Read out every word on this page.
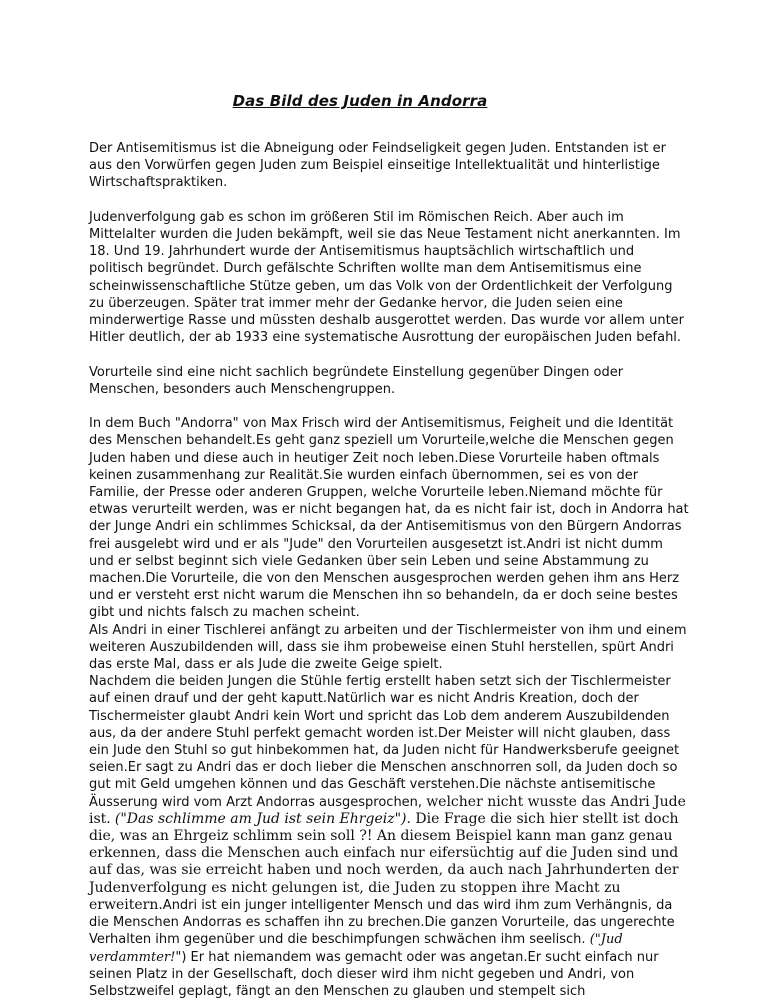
Das Bild des Juden in Andorra

Der Antisemitismus ist die Abneigung oder Feindseligkeit gegen Juden. Entstanden ist er aus den Vorwürfen gegen Juden zum Beispiel einseitige Intellektualität und hinterlistige Wirtschaftspraktiken.

Judenverfolgung gab es schon im größeren Stil im Römischen Reich. Aber auch im Mittelalter wurden die Juden bekämpft, weil sie das Neue Testament nicht anerkannten. Im 18. Und 19. Jahrhundert wurde der Antisemitismus hauptsächlich wirtschaftlich und politisch begründet. Durch gefälschte Schriften wollte man dem Antisemitismus eine scheinwissenschaftliche Stütze geben, um das Volk von der Ordentlichkeit der Verfolgung zu überzeugen. Später trat immer mehr der Gedanke hervor, die Juden seien eine minderwertige Rasse und müssten deshalb ausgerottet werden. Das wurde vor allem unter Hitler deutlich, der ab 1933 eine systematische Ausrottung der europäischen Juden befahl.

Vorurteile sind eine nicht sachlich begründete Einstellung gegenüber Dingen oder Menschen, besonders auch Menschengruppen.

In dem Buch "Andorra" von Max Frisch wird der Antisemitismus, Feigheit und die Identität des Menschen behandelt.Es geht ganz speziell um Vorurteile,welche die Menschen gegen Juden haben und diese auch in heutiger Zeit noch leben.Diese Vorurteile haben oftmals keinen zusammenhang zur Realität.Sie wurden einfach übernommen, sei es von der Familie, der Presse oder anderen Gruppen, welche Vorurteile leben.Niemand möchte für etwas verurteilt werden, was er nicht begangen hat, da es nicht fair ist, doch in Andorra hat der Junge Andri ein schlimmes Schicksal, da der Antisemitismus von den Bürgern Andorras frei ausgelebt wird und er als "Jude" den Vorurteilen ausgesetzt ist.Andri ist nicht dumm und er selbst beginnt sich viele Gedanken über sein Leben und seine Abstammung zu machen.Die Vorurteile, die von den Menschen ausgesprochen werden gehen ihm ans Herz und er versteht erst nicht warum die Menschen ihn so behandeln, da er doch seine bestes gibt und nichts falsch zu machen scheint.

Als Andri in einer Tischlerei anfängt zu arbeiten und der Tischlermeister von ihm und einem weiteren Auszubildenden will, dass sie ihm probeweise einen Stuhl herstellen, spürt Andri das erste Mal, dass er als Jude die zweite Geige spielt.

Nachdem die beiden Jungen die Stühle fertig erstellt haben setzt sich der Tischlermeister auf einen drauf und der geht kaputt.Natürlich war es nicht Andris Kreation, doch der Tischermeister glaubt Andri kein Wort und spricht das Lob dem anderem Auszubildenden aus, da der andere Stuhl perfekt gemacht worden ist.Der Meister will nicht glauben, dass ein Jude den Stuhl so gut hinbekommen hat, da Juden nicht für Handwerksberufe geeignet seien.Er sagt zu Andri das er doch lieber die Menschen anschnorren soll, da Juden doch so gut mit Geld umgehen können und das Geschäft verstehen.Die nächste antisemitische Äusserung wird vom Arzt Andorras ausgesprochen, welcher nicht wusste das Andri Jude ist. ("Das schlimme am Jud ist sein Ehrgeiz"). Die Frage die sich hier stellt ist doch die, was an Ehrgeiz schlimm sein soll ?! An diesem Beispiel kann man ganz genau erkennen, dass die Menschen auch einfach nur eifersüchtig auf die Juden sind und auf das, was sie erreicht haben und noch werden, da auch nach Jahrhunderten der Judenverfolgung es nicht gelungen ist, die Juden zu stoppen ihre Macht zu erweitern.Andri ist ein junger intelligenter Mensch und das wird ihm zum Verhängnis, da die Menschen Andorras es schaffen ihn zu brechen.Die ganzen Vorurteile, das ungerechte Verhalten ihm gegenüber und die beschimpfungen schwächen ihm seelisch. ("Jud verdammter!") Er hat niemandem was gemacht oder was angetan.Er sucht einfach nur seinen Platz in der Gesellschaft, doch dieser wird ihm nicht gegeben und Andri, von Selbstzweifel geplagt, fängt an den Menschen zu glauben und stempelt sich
